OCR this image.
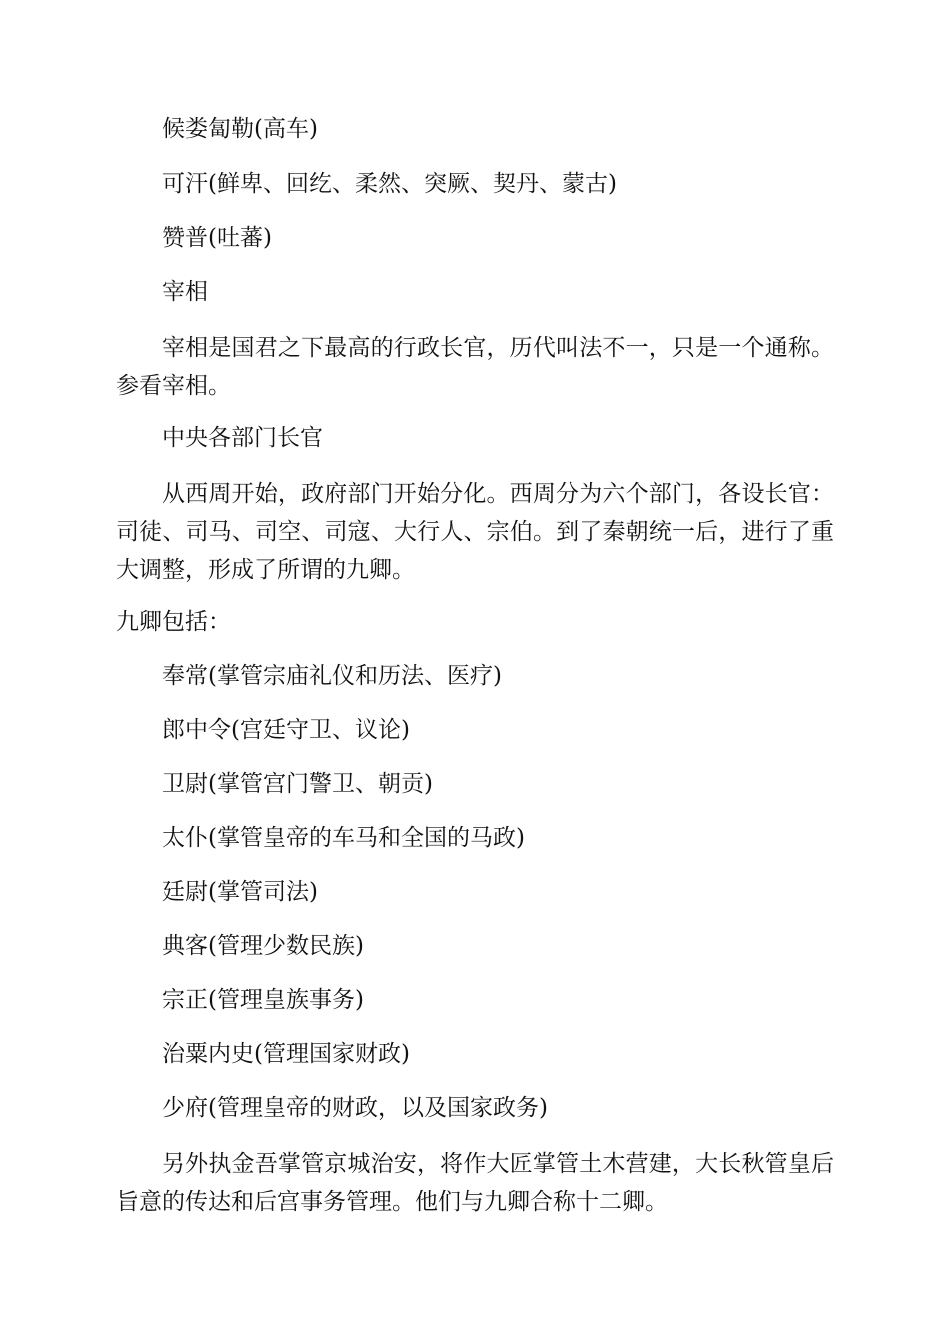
候娄匐勒(高车)
可汗(鲜卑、回纥、柔然、突厥、契丹、蒙古)
赞普(吐蕃)
宰相
宰相是国君之下最高的行政长官，历代叫法不一，只是一个通称。参看宰相。
中央各部门长官
从西周开始，政府部门开始分化。西周分为六个部门，各设长官：司徒、司马、司空、司寇、大行人、宗伯。到了秦朝统一后，进行了重大调整，形成了所谓的九卿。
九卿包括：
奉常(掌管宗庙礼仪和历法、医疗)
郎中令(宫廷守卫、议论)
卫尉(掌管宫门警卫、朝贡)
太仆(掌管皇帝的车马和全国的马政)
廷尉(掌管司法)
典客(管理少数民族)
宗正(管理皇族事务)
治粟内史(管理国家财政)
少府(管理皇帝的财政，以及国家政务)
另外执金吾掌管京城治安，将作大匠掌管土木营建，大长秋管皇后旨意的传达和后宫事务管理。他们与九卿合称十二卿。
